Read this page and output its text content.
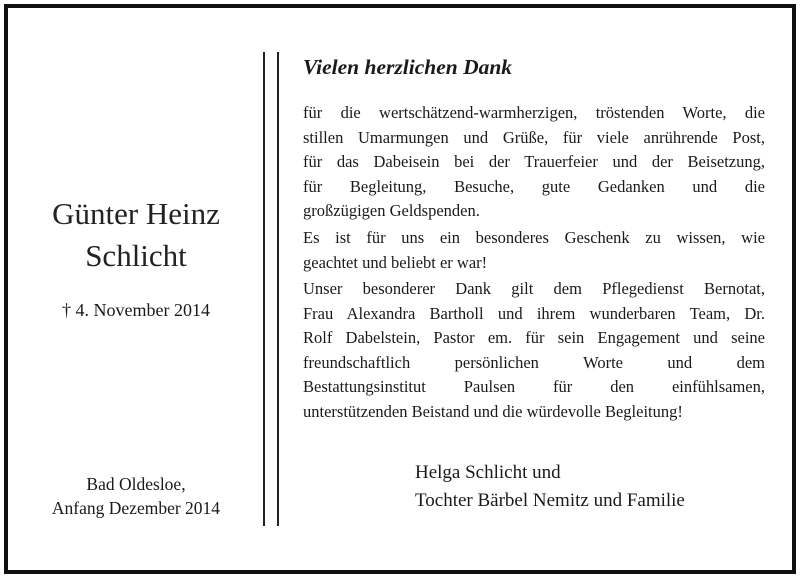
Günter Heinz
Schlicht
† 4. November 2014
Bad Oldesloe,
Anfang Dezember 2014
Vielen herzlichen Dank

für die wertschätzend-warmherzigen, tröstenden Worte, die
stillen Umarmungen und Grüße, für viele anrührende Post,
für das Dabeisein bei der Trauerfeier und der Beisetzung,
für Begleitung, Besuche, gute Gedanken und die
großzügigen Geldspenden.

Es ist für uns ein besonderes Geschenk zu wissen, wie
geachtet und beliebt er war!

Unser besonderer Dank gilt dem Pflegedienst Bernotat,
Frau Alexandra Bartholl und ihrem wunderbaren Team, Dr.
Rolf Dabelstein, Pastor em. für sein Engagement und seine
freundschaftlich persönlichen Worte und dem
Bestattungsinstitut Paulsen für den einfühlsamen,
unterstützenden Beistand und die würdevolle Begleitung!

Helga Schlicht und
Tochter Bärbel Nemitz und Familie
